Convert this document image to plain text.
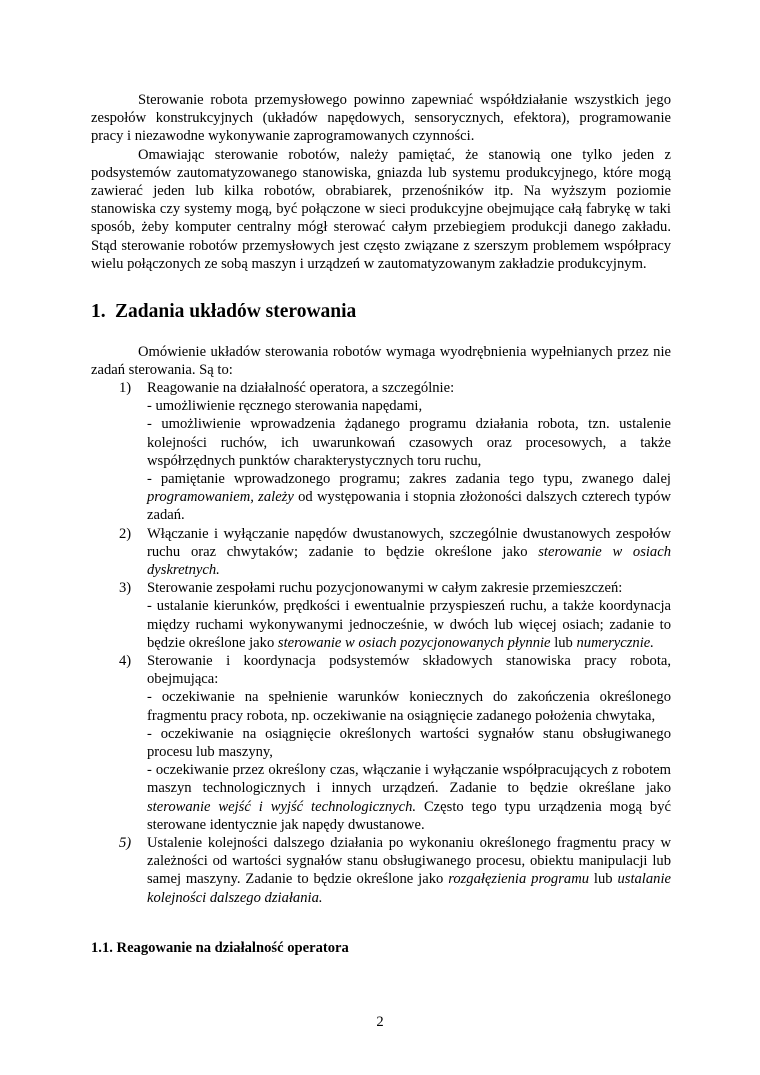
Sterowanie robota przemysłowego powinno zapewniać współdziałanie wszystkich jego zespołów konstrukcyjnych (układów napędowych, sensorycznych, efektora), programowanie pracy i niezawodne wykonywanie zaprogramowanych czynności.

Omawiając sterowanie robotów, należy pamiętać, że stanowią one tylko jeden z podsystemów zautomatyzowanego stanowiska, gniazda lub systemu produkcyjnego, które mogą zawierać jeden lub kilka robotów, obrabiarek, przenośników itp. Na wyższym poziomie stanowiska czy systemy mogą, być połączone w sieci produkcyjne obejmujące całą fabrykę w taki sposób, żeby komputer centralny mógł sterować całym przebiegiem produkcji danego zakładu. Stąd sterowanie robotów przemysłowych jest często związane z szerszym problemem współpracy wielu połączonych ze sobą maszyn i urządzeń w zautomatyzowanym zakładzie produkcyjnym.

1. Zadania układów sterowania

Omówienie układów sterowania robotów wymaga wyodrębnienia wypełnianych przez nie zadań sterowania. Są to:

1) Reagowanie na działalność operatora, a szczególnie:
- umożliwienie ręcznego sterowania napędami,
- umożliwienie wprowadzenia żądanego programu działania robota, tzn. ustalenie kolejności ruchów, ich uwarunkowań czasowych oraz procesowych, a także współrzędnych punktów charakterystycznych toru ruchu,
- pamiętanie wprowadzonego programu; zakres zadania tego typu, zwanego dalej programowaniem, zależy od występowania i stopnia złożoności dalszych czterech typów zadań.
2) Włączanie i wyłączanie napędów dwustanowych, szczególnie dwustanowych zespołów ruchu oraz chwytaków; zadanie to będzie określone jako sterowanie w osiach dyskretnych.
3) Sterowanie zespołami ruchu pozycjonowanymi w całym zakresie przemieszczeń:
- ustalanie kierunków, prędkości i ewentualnie przyspieszeń ruchu, a także koordynacja między ruchami wykonywanymi jednocześnie, w dwóch lub więcej osiach; zadanie to będzie określone jako sterowanie w osiach pozycjonowanych płynnie lub numerycznie.
4) Sterowanie i koordynacja podsystemów składowych stanowiska pracy robota, obejmująca:
- oczekiwanie na spełnienie warunków koniecznych do zakończenia określonego fragmentu pracy robota, np. oczekiwanie na osiągnięcie zadanego położenia chwytaka,
- oczekiwanie na osiągnięcie określonych wartości sygnałów stanu obsługiwanego procesu lub maszyny,
- oczekiwanie przez określony czas, włączanie i wyłączanie współpracujących z robotem maszyn technologicznych i innych urządzeń. Zadanie to będzie określane jako sterowanie wejść i wyjść technologicznych. Często tego typu urządzenia mogą być sterowane identycznie jak napędy dwustanowe.
5) Ustalenie kolejności dalszego działania po wykonaniu określonego fragmentu pracy w zależności od wartości sygnałów stanu obsługiwanego procesu, obiektu manipulacji lub samej maszyny. Zadanie to będzie określone jako rozgałęzienia programu lub ustalanie kolejności dalszego działania.
1.1. Reagowanie na działalność operatora
2
